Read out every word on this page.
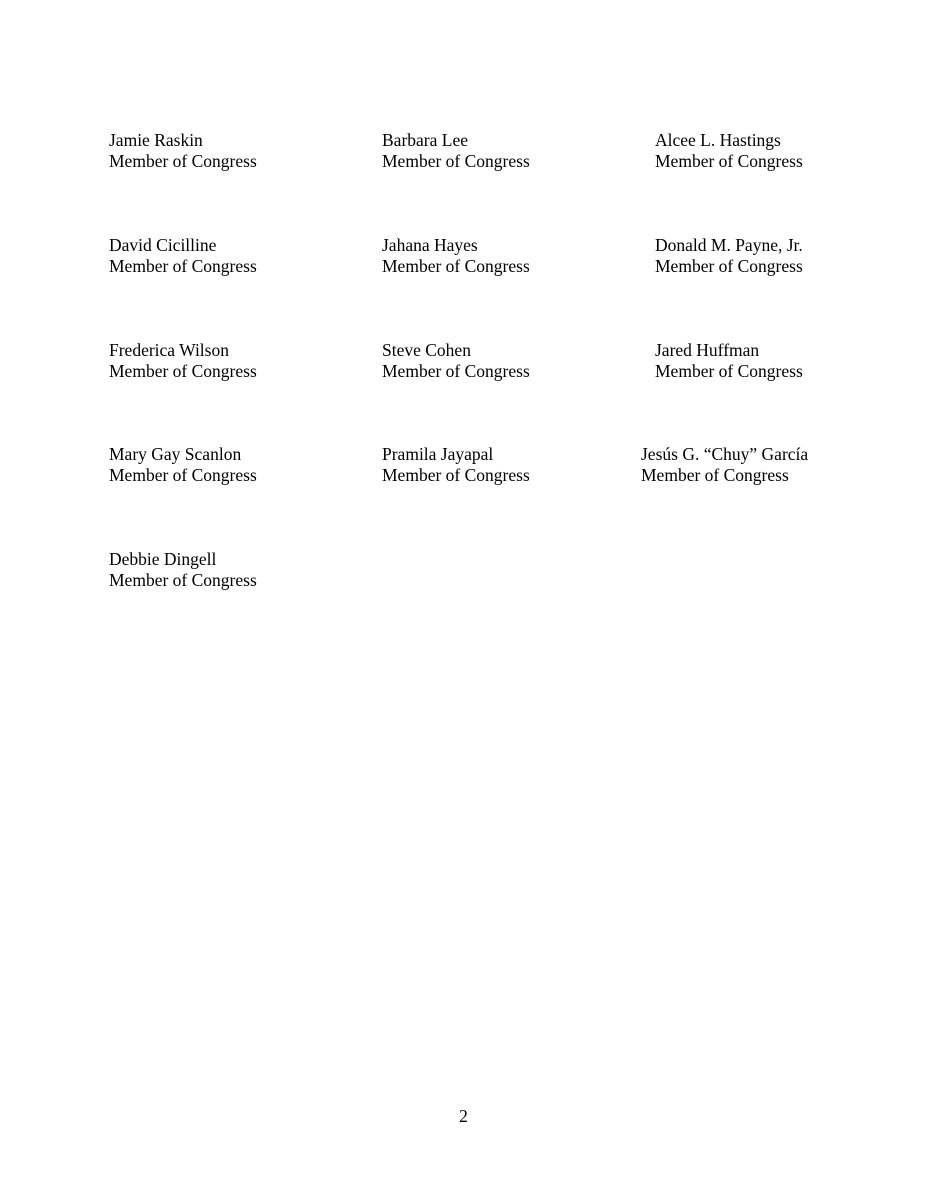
Jamie Raskin
Member of Congress
Barbara Lee
Member of Congress
Alcee L. Hastings
Member of Congress
David Cicilline
Member of Congress
Jahana Hayes
Member of Congress
Donald M. Payne, Jr.
Member of Congress
Frederica Wilson
Member of Congress
Steve Cohen
Member of Congress
Jared Huffman
Member of Congress
Mary Gay Scanlon
Member of Congress
Pramila Jayapal
Member of Congress
Jesús G. “Chuy” García
Member of Congress
Debbie Dingell
Member of Congress
2
